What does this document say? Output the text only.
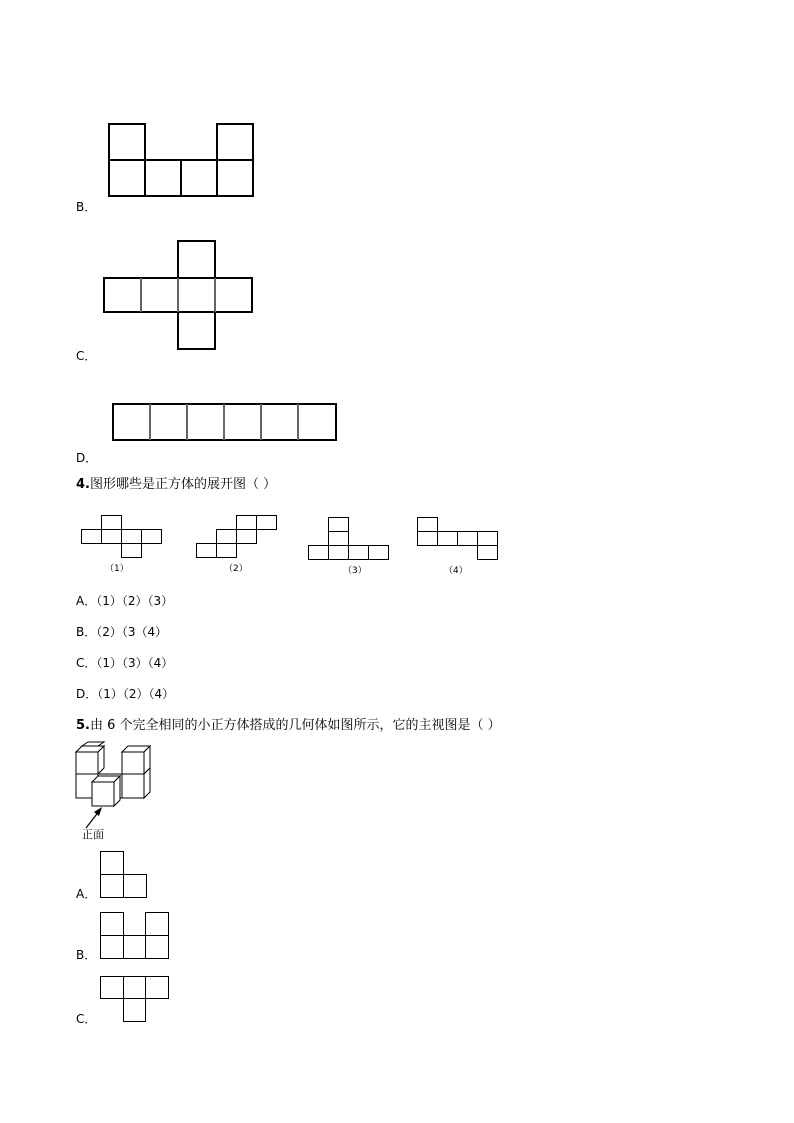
B．
C．
D．
4.图形哪些是正方体的展开图（ ）
（1）	（2）	（3）	（4）
A．（1）（2）（3）
B．（2）（3（4）
C．（1）（3）（4）
D．（1）（2）（4）
5.由 6 个完全相同的小正方体搭成的几何体如图所示，它的主视图是（ ）
正面
A．
B．
C．
